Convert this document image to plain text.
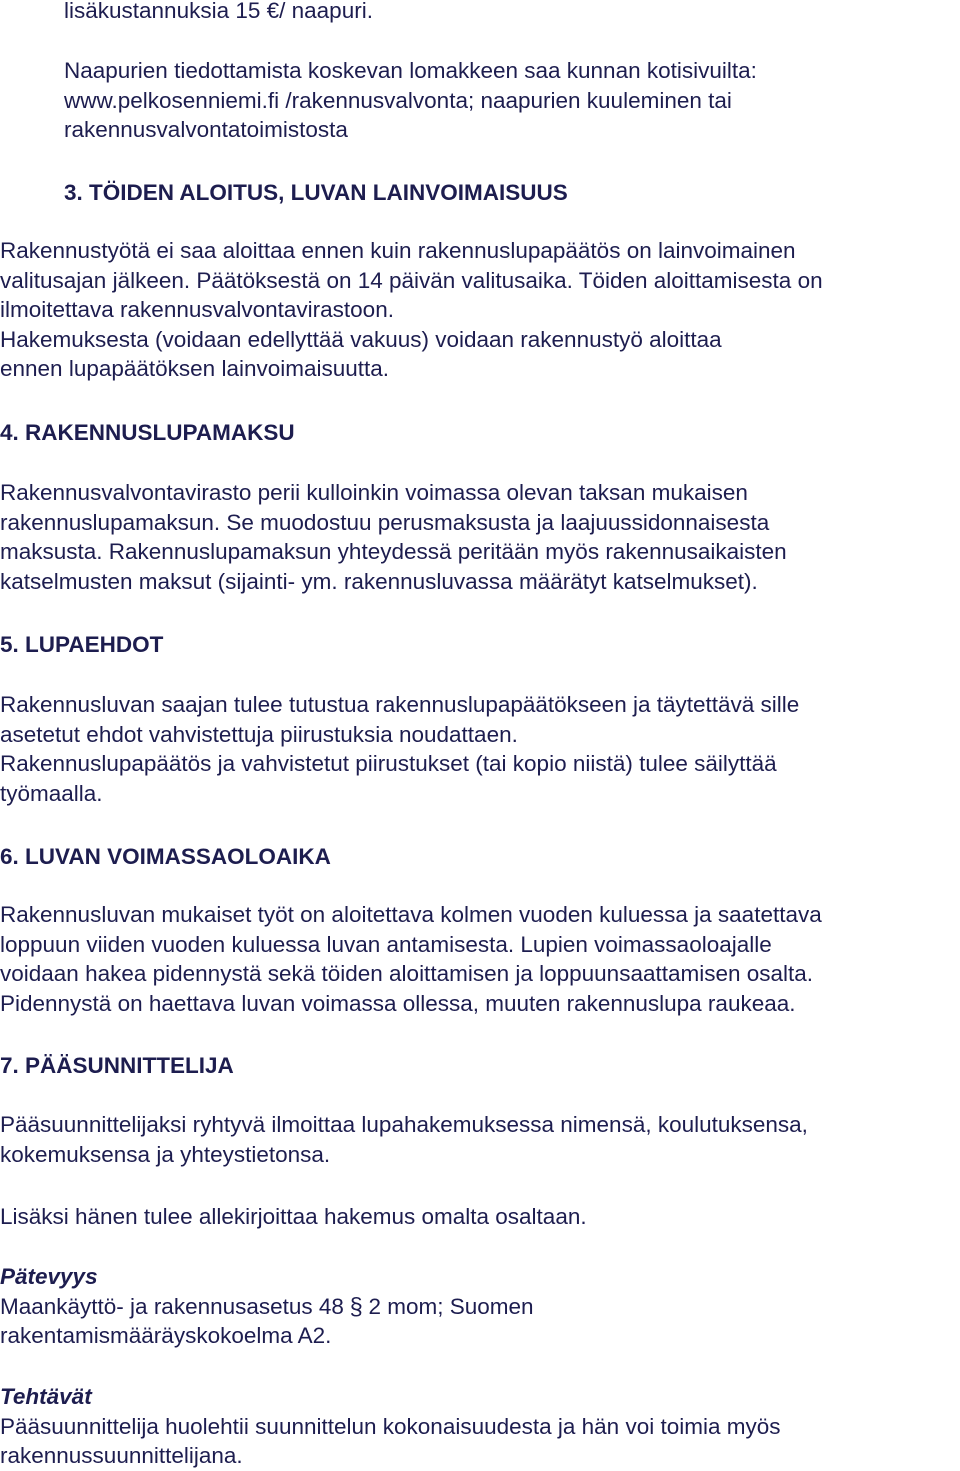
lisäkustannuksia 15 €/ naapuri.

Naapurien tiedottamista koskevan lomakkeen saa kunnan kotisivuilta:
www.pelkosenniemi.fi /rakennusvalvonta; naapurien kuuleminen tai
rakennusvalvontatoimistosta

3. TÖIDEN ALOITUS, LUVAN LAINVOIMAISUUS

Rakennustyötä ei saa aloittaa ennen kuin rakennuslupapäätös on lainvoimainen
valitusajan jälkeen. Päätöksestä on 14 päivän valitusaika. Töiden aloittamisesta on
ilmoitettava rakennusvalvontavirastoon.
Hakemuksesta (voidaan edellyttää vakuus) voidaan rakennustyö aloittaa
ennen lupapäätöksen lainvoimaisuutta.

4. RAKENNUSLUPAMAKSU

Rakennusvalvontavirasto perii kulloinkin voimassa olevan taksan mukaisen
rakennuslupamaksun. Se muodostuu perusmaksusta ja laajuussidonnaisesta
maksusta. Rakennuslupamaksun yhteydessä peritään myös rakennusaikaisten
katselmusten maksut (sijainti- ym. rakennusluvassa määrätyt katselmukset).

5. LUPAEHDOT

Rakennusluvan saajan tulee tutustua rakennuslupapäätökseen ja täytettävä sille
asetetut ehdot vahvistettuja piirustuksia noudattaen.
Rakennuslupapäätös ja vahvistetut piirustukset (tai kopio niistä) tulee säilyttää
työmaalla.

6. LUVAN VOIMASSAOLOAIKA

Rakennusluvan mukaiset työt on aloitettava kolmen vuoden kuluessa ja saatettava
loppuun viiden vuoden kuluessa luvan antamisesta. Lupien voimassaoloajalle
voidaan hakea pidennystä sekä töiden aloittamisen ja loppuunsaattamisen osalta.
Pidennystä on haettava luvan voimassa ollessa, muuten rakennuslupa raukeaa.

7. PÄÄSUNNITTELIJA

Pääsuunnittelijaksi ryhtyvä ilmoittaa lupahakemuksessa nimensä, koulutuksensa,
kokemuksensa ja yhteystietonsa.

Lisäksi hänen tulee allekirjoittaa hakemus omalta osaltaan.

Pätevyys
Maankäyttö- ja rakennusasetus 48 § 2 mom; Suomen
rakentamismääräyskokoelma A2.
Tehtävät
Pääsuunnittelija huolehtii suunnittelun kokonaisuudesta ja hän voi toimia myös
rakennussuunnittelijana.
